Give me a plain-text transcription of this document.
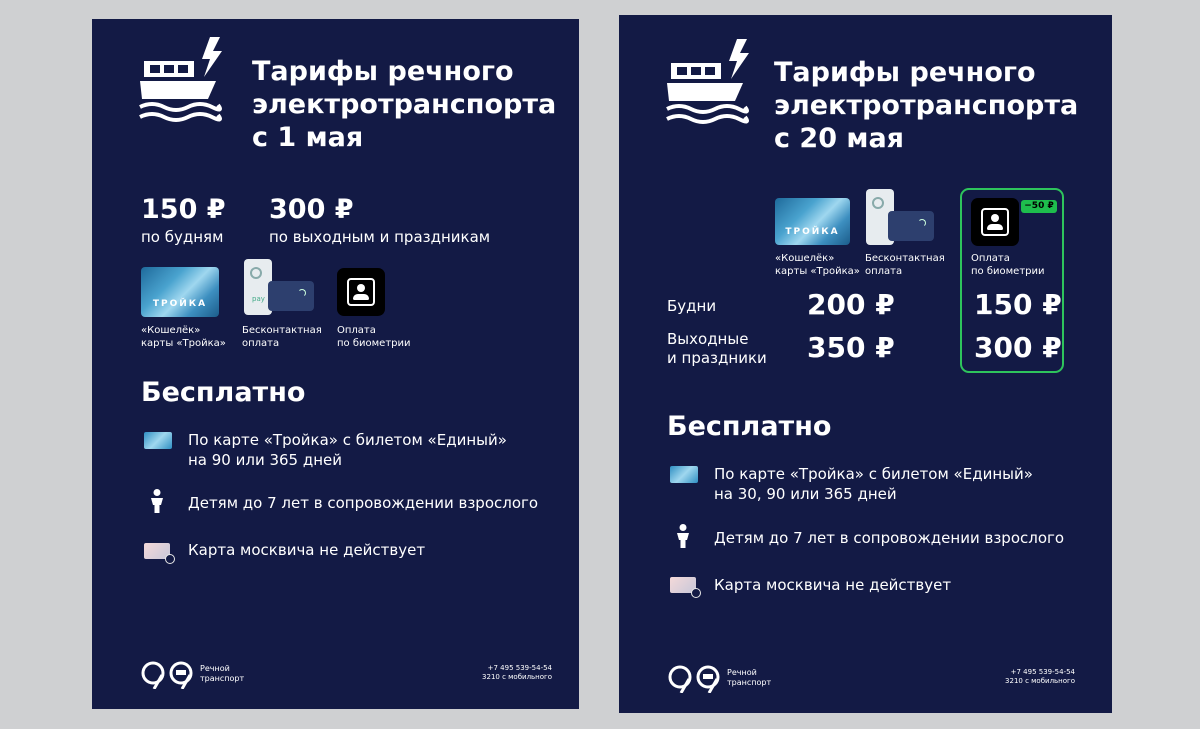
Тарифы речного
электротранспорта
с 1 мая
150 ₽
по будням
300 ₽
по выходным и праздникам
ТРОЙКА
«Кошелёк»
карты «Тройка»
pay
Бесконтактная
оплата
Оплата
по биометрии
Бесплатно
По карте «Тройка» с билетом «Единый»
на 90 или 365 дней
Детям до 7 лет в сопровождении взрослого
Карта москвича не действует
Речной
транспорт
+7 495 539-54-54
3210 с мобильного
Тарифы речного
электротранспорта
с 20 мая
ТРОЙКА
«Кошелёк»
карты «Тройка»
Бесконтактная
оплата
−50 ₽
Оплата
по биометрии
Будни	200 ₽	150 ₽
Выходные
и праздники 350 ₽	300 ₽
Бесплатно
По карте «Тройка» с билетом «Единый»
на 30, 90 или 365 дней
Детям до 7 лет в сопровождении взрослого
Карта москвича не действует
Речной
транспорт
+7 495 539-54-54
3210 с мобильного
